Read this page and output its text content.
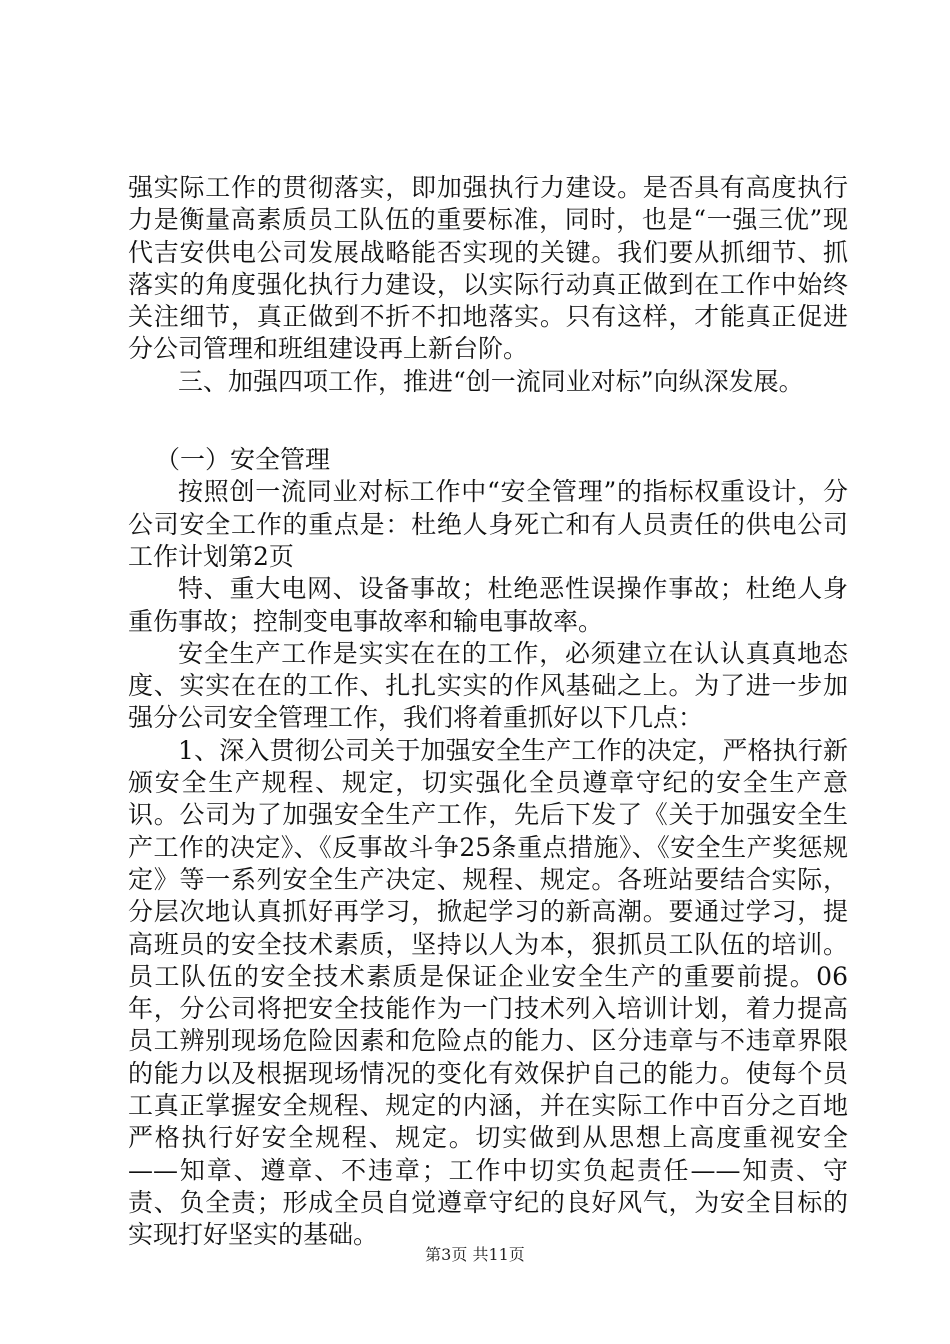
强实际工作的贯彻落实，即加强执行力建设。是否具有高度执行力是衡量高素质员工队伍的重要标准，同时，也是“一强三优”现代吉安供电公司发展战略能否实现的关键。我们要从抓细节、抓落实的角度强化执行力建设，以实际行动真正做到在工作中始终关注细节，真正做到不折不扣地落实。只有这样，才能真正促进分公司管理和班组建设再上新台阶。

三、加强四项工作，推进“创一流同业对标”向纵深发展。

（一）安全管理

按照创一流同业对标工作中“安全管理”的指标权重设计，分公司安全工作的重点是：杜绝人身死亡和有人员责任的供电公司工作计划第2页

特、重大电网、设备事故；杜绝恶性误操作事故；杜绝人身重伤事故；控制变电事故率和输电事故率。

安全生产工作是实实在在的工作，必须建立在认认真真地态度、实实在在的工作、扎扎实实的作风基础之上。为了进一步加强分公司安全管理工作，我们将着重抓好以下几点：

1、深入贯彻公司关于加强安全生产工作的决定，严格执行新颁安全生产规程、规定，切实强化全员遵章守纪的安全生产意识。公司为了加强安全生产工作，先后下发了《关于加强安全生产工作的决定》、《反事故斗争25条重点措施》、《安全生产奖惩规定》等一系列安全生产决定、规程、规定。各班站要结合实际，分层次地认真抓好再学习，掀起学习的新高潮。要通过学习，提高班员的安全技术素质，坚持以人为本，狠抓员工队伍的培训。员工队伍的安全技术素质是保证企业安全生产的重要前提。06年，分公司将把安全技能作为一门技术列入培训计划，着力提高员工辨别现场危险因素和危险点的能力、区分违章与不违章界限的能力以及根据现场情况的变化有效保护自己的能力。使每个员工真正掌握安全规程、规定的内涵，并在实际工作中百分之百地严格执行好安全规程、规定。切实做到从思想上高度重视安全——知章、遵章、不违章；工作中切实负起责任——知责、守责、负全责；形成全员自觉遵章守纪的良好风气，为安全目标的实现打好坚实的基础。

第3页 共11页
